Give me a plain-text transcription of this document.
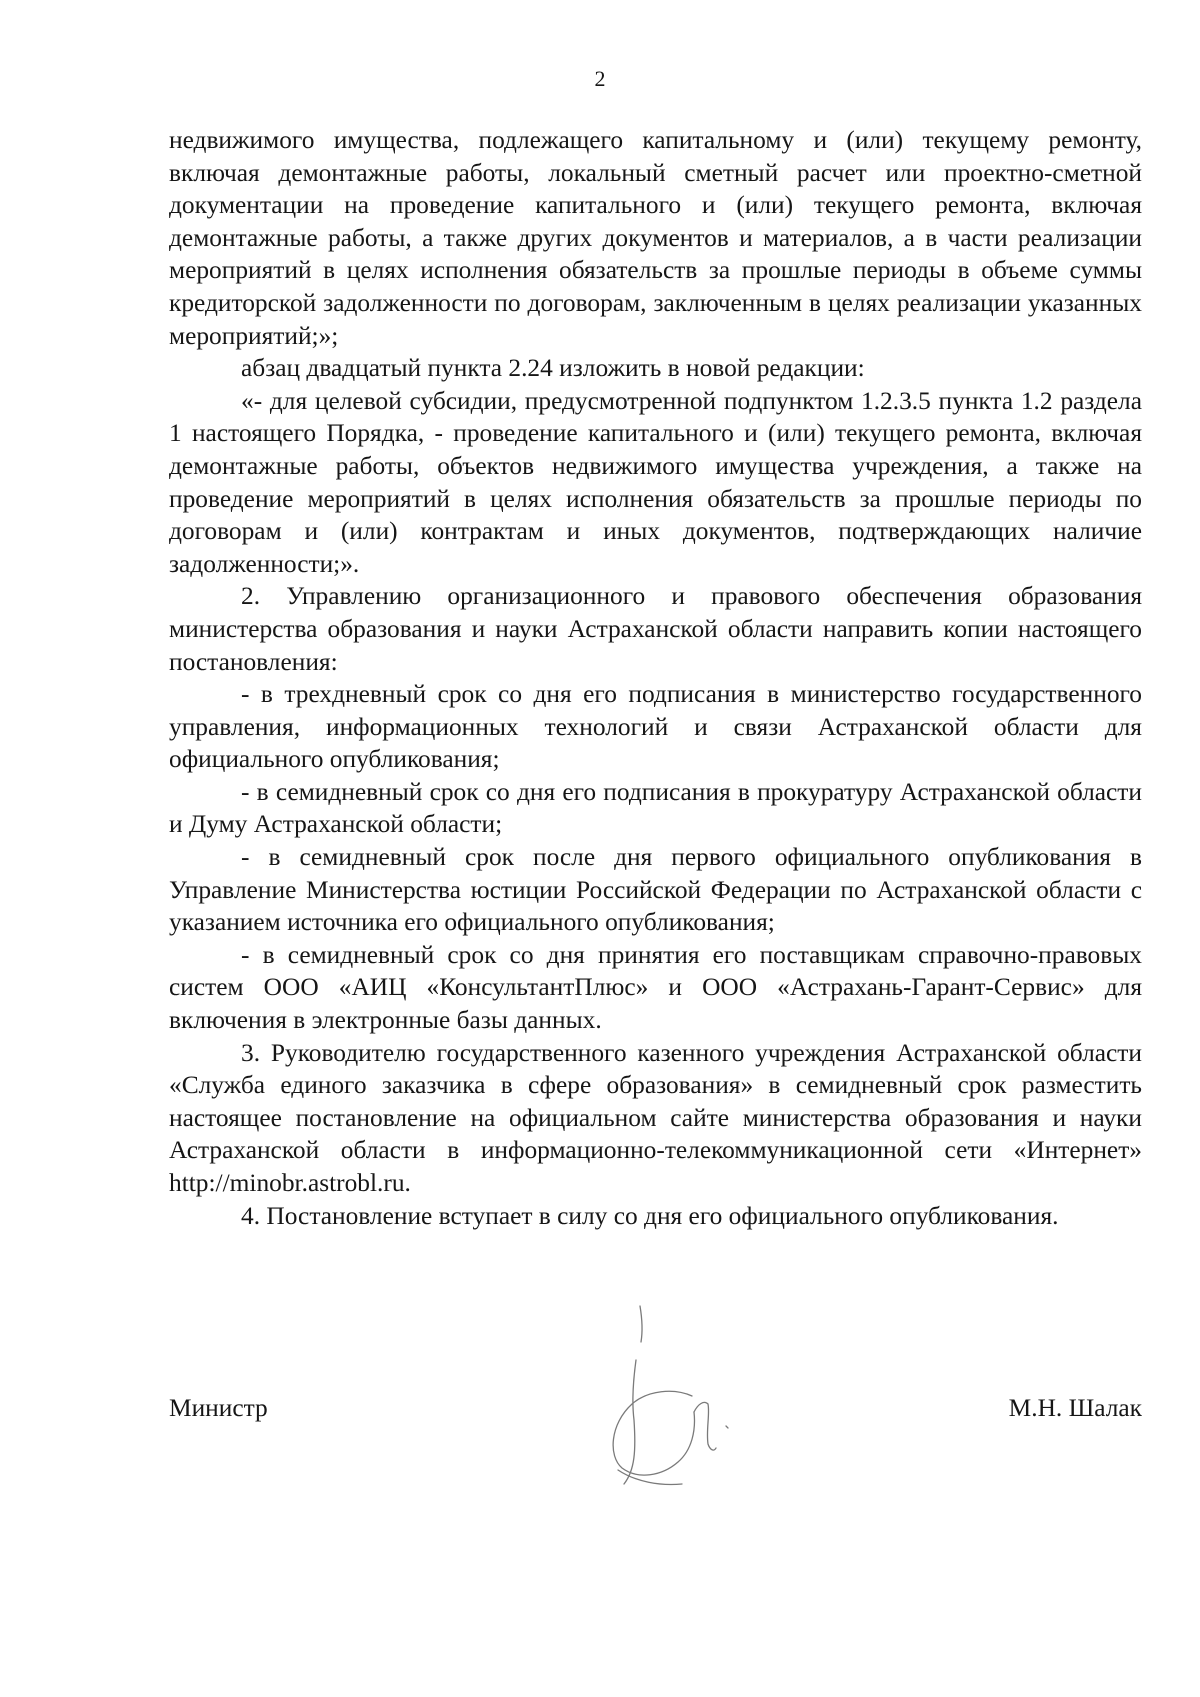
2

недвижимого имущества, подлежащего капитальному и (или) текущему ремонту, включая демонтажные работы, локальный сметный расчет или проектно-сметной документации на проведение капитального и (или) текущего ремонта, включая демонтажные работы, а также других документов и материалов, а в части реализации мероприятий в целях исполнения обязательств за прошлые периоды в объеме суммы кредиторской задолженности по договорам, заключенным в целях реализации указанных мероприятий;»;

абзац двадцатый пункта 2.24 изложить в новой редакции:

«- для целевой субсидии, предусмотренной подпунктом 1.2.3.5 пункта 1.2 раздела 1 настоящего Порядка, - проведение капитального и (или) текущего ремонта, включая демонтажные работы, объектов недвижимого имущества учреждения, а также на проведение мероприятий в целях исполнения обязательств за прошлые периоды по договорам и (или) контрактам и иных документов, подтверждающих наличие задолженности;».

2. Управлению организационного и правового обеспечения образования министерства образования и науки Астраханской области направить копии настоящего постановления:

- в трехдневный срок со дня его подписания в министерство государственного управления, информационных технологий и связи Астраханской области для официального опубликования;

- в семидневный срок со дня его подписания в прокуратуру Астраханской области и Думу Астраханской области;

- в семидневный срок после дня первого официального опубликования в Управление Министерства юстиции Российской Федерации по Астраханской области с указанием источника его официального опубликования;

- в семидневный срок со дня принятия его поставщикам справочно-правовых систем ООО «АИЦ «КонсультантПлюс» и ООО «Астрахань-Гарант-Сервис» для включения в электронные базы данных.

3. Руководителю государственного казенного учреждения Астраханской области «Служба единого заказчика в сфере образования» в семидневный срок разместить настоящее постановление на официальном сайте министерства образования и науки Астраханской области в информационно-телекоммуникационной сети «Интернет» http://minobr.astrobl.ru.

4. Постановление вступает в силу со дня его официального опубликования.

Министр	М.Н. Шалак
